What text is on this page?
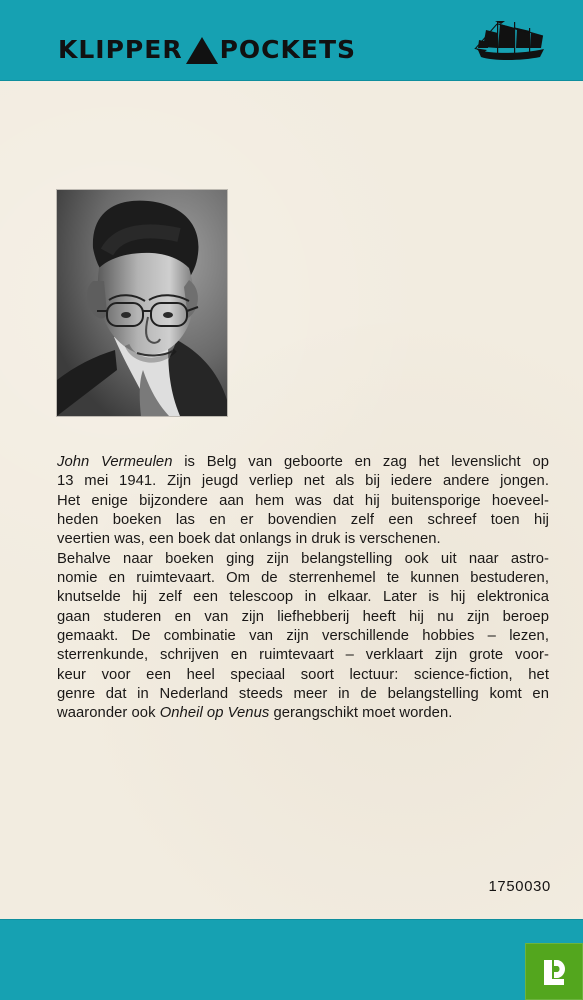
KLIPPER POCKETS

John Vermeulen is Belg van geboorte en zag het levenslicht op

13 mei 1941. Zijn jeugd verliep net als bij iedere andere jongen.

Het enige bijzondere aan hem was dat hij buitensporige hoeveel-

heden boeken las en er bovendien zelf een schreef toen hij

veertien was, een boek dat onlangs in druk is verschenen.

Behalve naar boeken ging zijn belangstelling ook uit naar astro-

nomie en ruimtevaart. Om de sterrenhemel te kunnen bestuderen,

knutselde hij zelf een telescoop in elkaar. Later is hij elektronica

gaan studeren en van zijn liefhebberij heeft hij nu zijn beroep

gemaakt. De combinatie van zijn verschillende hobbies – lezen,

sterrenkunde, schrijven en ruimtevaart – verklaart zijn grote voor-

keur voor een heel speciaal soort lectuur: science-fiction, het

genre dat in Nederland steeds meer in de belangstelling komt en

waaronder ook Onheil op Venus gerangschikt moet worden.

1750030
